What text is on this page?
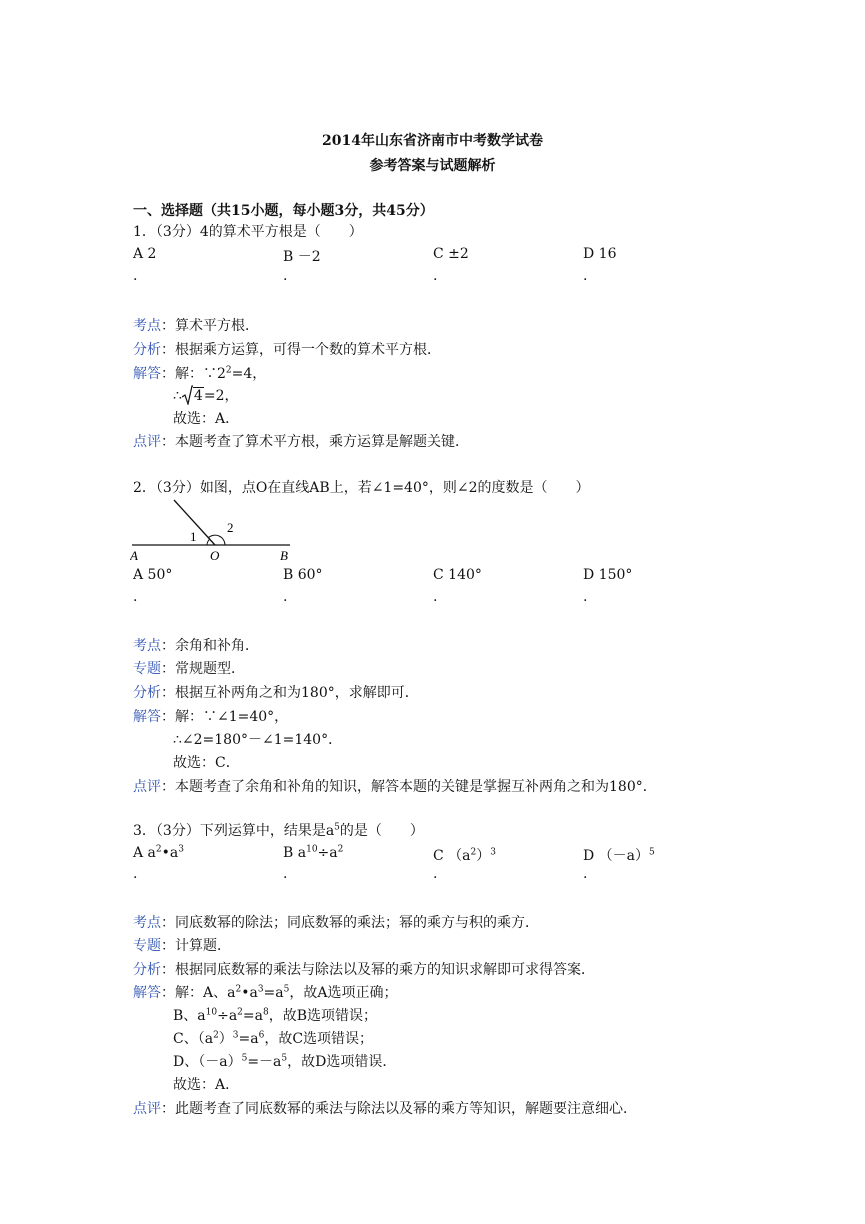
2014年山东省济南市中考数学试卷
参考答案与试题解析
一、选择题（共15小题，每小题3分，共45分）
1．（3分）4的算术平方根是（　　）
A 2	B －2	C ±2	D 16
.	.	.	.
考点：算术平方根．
分析：根据乘方运算，可得一个数的算术平方根．
解答：解：$\because 2^2=4$，
∴ 4=2，
故选：A．
点评：本题考查了算术平方根，乘方运算是解题关键．
2．（3分）如图，点O在直线AB上，若∠1=40°，则∠2的度数是（　　）
1
2
A	O	B
A 50°	B 60°	C 140°	D 150°
.	.	.	.
考点：余角和补角．
专题：常规题型．
分析：根据互补两角之和为180°，求解即可．
解答：解：∵∠1=40°，
∴∠2=180°－∠1=140°．
故选：C．
点评：本题考查了余角和补角的知识，解答本题的关键是掌握互补两角之和为180°．
3．（3分）下列运算中，结果是$a^5$的是（　　）
A $a^2•a^3$	B $a^{10}\div a^2$	C $(a^2)^3$	D $(-a)^5$
.	.	.	.
考点：同底数幂的除法；同底数幂的乘法；幂的乘方与积的乘方．
专题：计算题．
分析：根据同底数幂的乘法与除法以及幂的乘方的知识求解即可求得答案．
解答：解：A、$a^2•a^3=a^5$，故A选项正确；
B、$a^{10}\div a^2=a^8$，故B选项错误；
C、$(a^2)^3=a^6$，故C选项错误；
D、$(-a)^5=-a^5$，故D选项错误．
故选：A．
点评：此题考查了同底数幂的乘法与除法以及幂的乘方等知识，解题要注意细心．
